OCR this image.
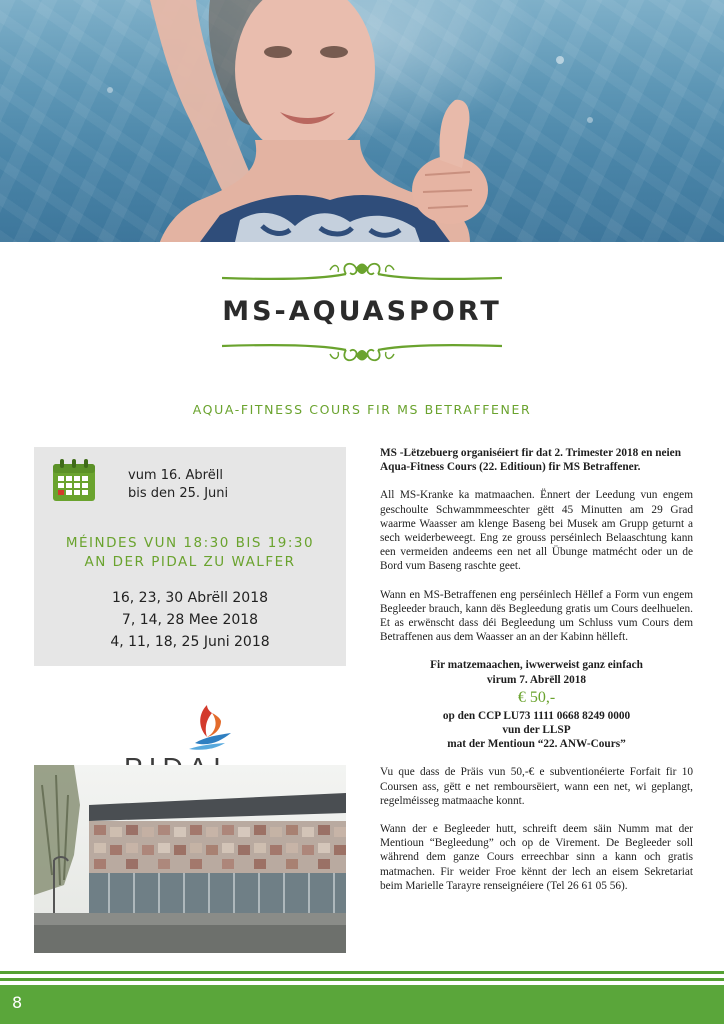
MS-AQUASPORT
AQUA-FITNESS COURS FIR MS BETRAFFENER
vum 16. Abrëll
bis den 25. Juni
MÉINDES VUN 18:30 BIS 19:30
AN DER PIDAL ZU WALFER
16, 23, 30 Abrëll 2018
7, 14, 28 Mee 2018
4, 11, 18, 25 Juni 2018

MS -Lëtzebuerg organiséiert fir dat 2. Trimester 2018 en neien Aqua-Fitness Cours (22. Editioun) fir MS Betraffener.

All MS-Kranke ka matmaachen. Ënnert der Leedung vun engem geschoulte Schwammmeeschter gëtt 45 Minutten am 29 Grad waarme Waasser am klenge Baseng bei Musek am Grupp geturnt a sech weiderbeweegt. Eng ze grouss perséinlech Belaaschtung kann een vermeiden andeems een net all Übunge matmécht oder un de Bord vum Baseng raschte geet.

Wann en MS-Betraffenen eng perséinlech Hëllef a Form vun engem Begleeder brauch, kann dës Begleedung gratis um Cours deelhuelen. Et as erwënscht dass déi Begleedung um Schluss vum Cours dem Betraffenen aus dem Waasser an an der Kabinn hëlleft.

Fir matzemaachen, iwwerweist ganz einfach
virum 7. Abrëll 2018
€ 50,-
op den CCP LU73 1111 0668 8249 0000
vun der LLSP
mat der Mentioun “22. ANW-Cours”

Vu que dass de Präis vun 50,-€ e subventionéierte Forfait fir 10 Coursen ass, gëtt e net remboursëiert, wann een net, wi geplangt, regelméisseg matmaache konnt.

Wann der e Begleeder hutt, schreift deem säin Numm mat der Mentioun “Begleedung” och op de Virement. De Begleeder soll während dem ganze Cours erreechbar sinn a kann och gratis matmachen. Fir weider Froe kënnt der lech an eisem Sekretariat beim Marielle Tarayre renseignéiere (Tel 26 61 05 56).

8
